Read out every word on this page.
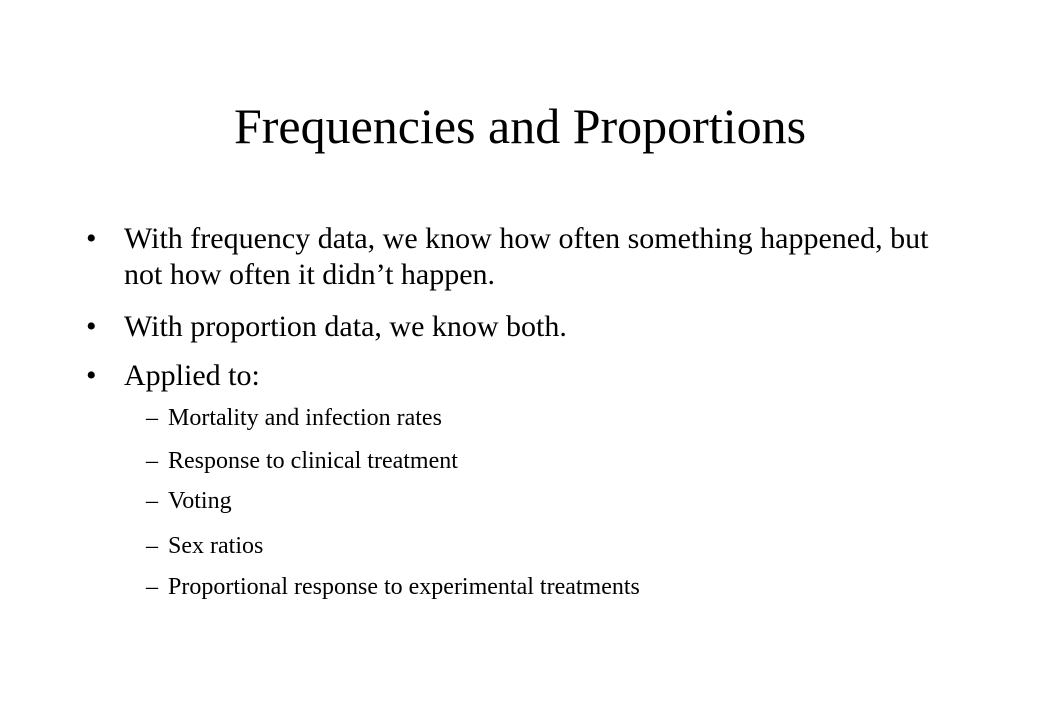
Frequencies and Proportions
• With frequency data, we know how often something happened, but not how often it didn’t happen.
• With proportion data, we know both.
• Applied to:
– Mortality and infection rates
– Response to clinical treatment
– Voting
– Sex ratios
– Proportional response to experimental treatments
